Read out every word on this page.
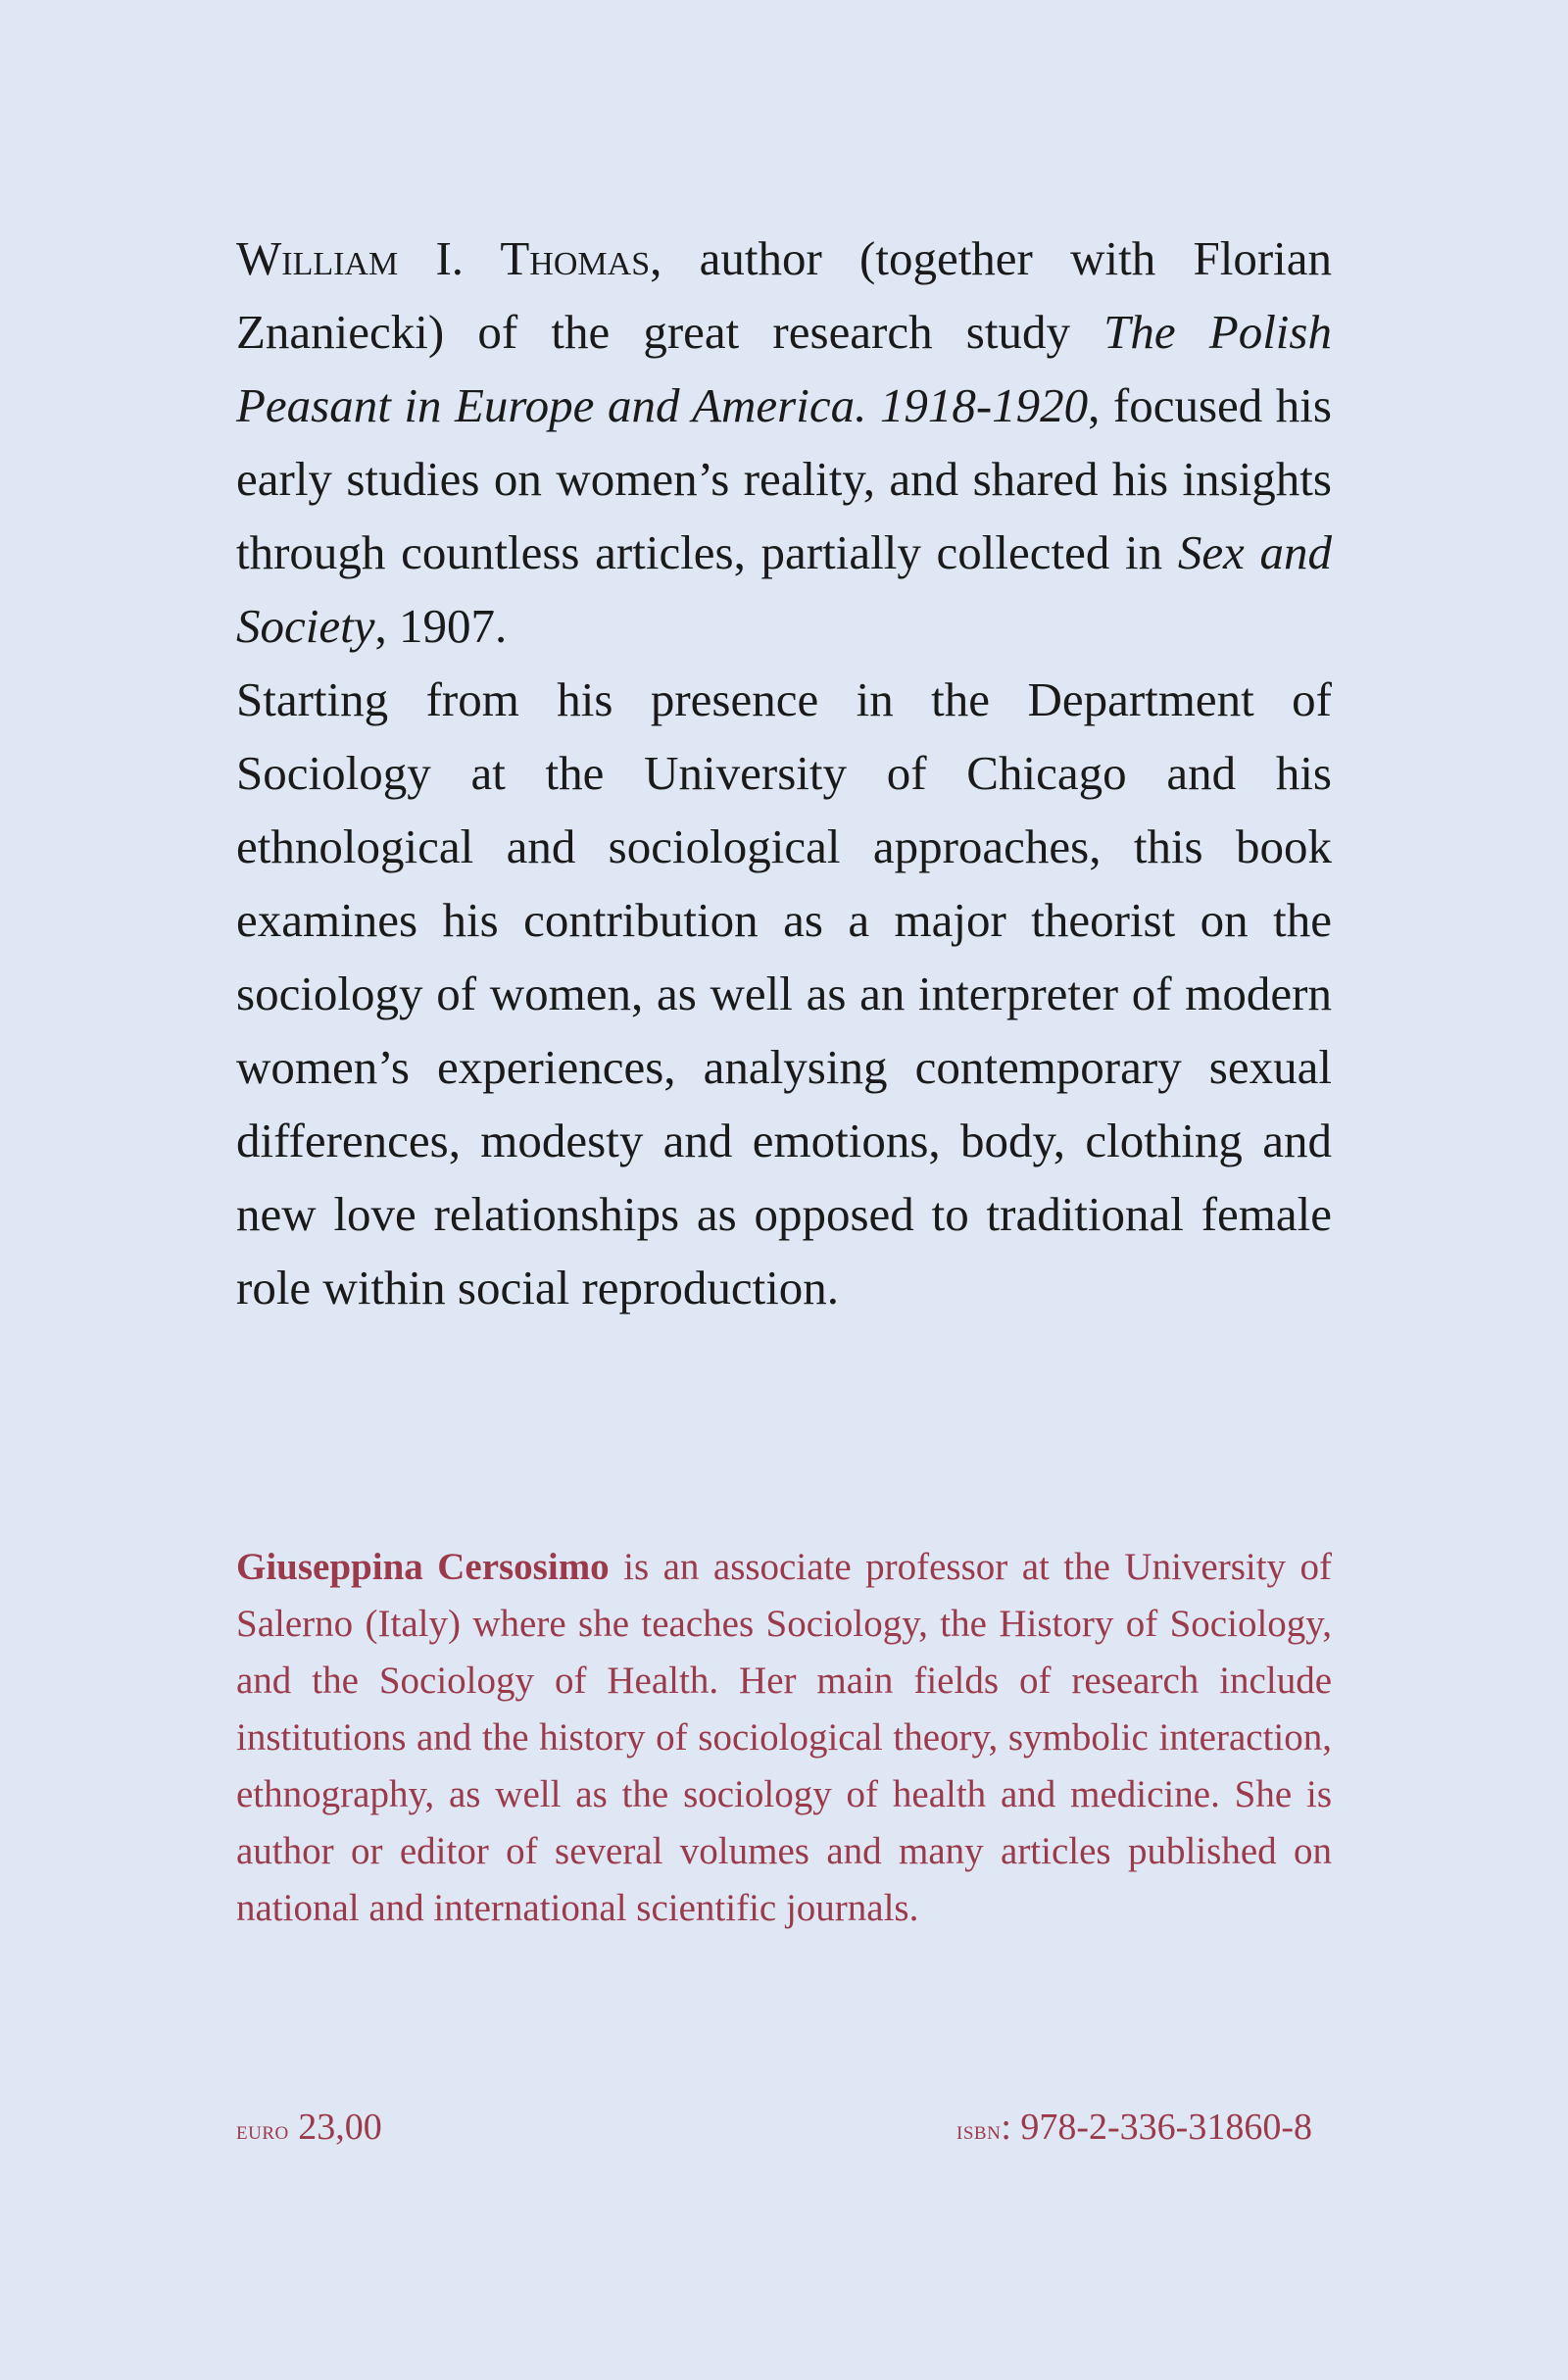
William I. Thomas, author (together with Florian Znaniecki) of the great research study The Polish Peasant in Europe and America. 1918-1920, focused his early studies on women’s reality, and shared his insights through countless articles, partially collected in Sex and Society, 1907.

Starting from his presence in the Department of Sociology at the University of Chicago and his ethnological and sociological approaches, this book examines his contribution as a major theorist on the sociology of women, as well as an interpreter of modern women’s experiences, analysing contemporary sexual differences, modesty and emotions, body, clothing and new love relationships as opposed to traditional female role within social reproduction.

Giuseppina Cersosimo is an associate professor at the University of Salerno (Italy) where she teaches Sociology, the History of Sociology, and the Sociology of Health. Her main fields of research include institutions and the history of sociological theory, symbolic interaction, ethnography, as well as the sociology of health and medicine. She is author or editor of several volumes and many articles published on national and international scientific journals.

euro 23,00	isbn: 978-2-336-31860-8
